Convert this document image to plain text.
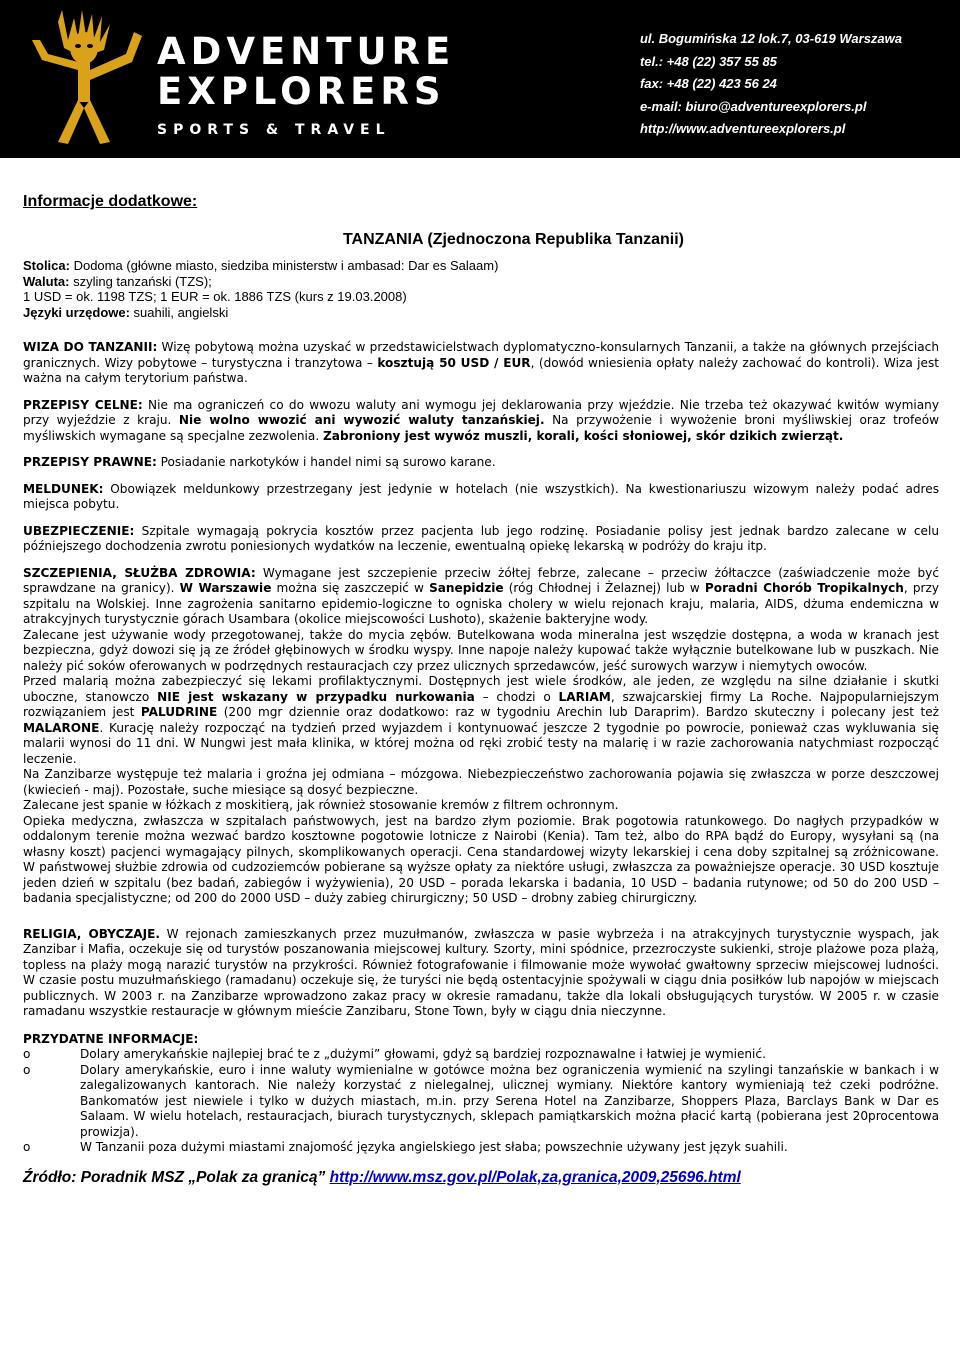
ADVENTURE
EXPLORERS
SPORTS & TRAVEL
ul. Bogumińska 12 lok.7, 03-619 Warszawa
tel.: +48 (22) 357 55 85
fax: +48 (22) 423 56 24
e-mail: biuro@adventureexplorers.pl
http://www.adventureexplorers.pl
Informacje dodatkowe:
TANZANIA (Zjednoczona Republika Tanzanii)
Stolica: Dodoma (główne miasto, siedziba ministerstw i ambasad: Dar es Salaam)
Waluta: szyling tanzański (TZS);
1 USD = ok. 1198 TZS; 1 EUR = ok. 1886 TZS (kurs z 19.03.2008)
Języki urzędowe: suahili, angielski

WIZA DO TANZANII: Wizę pobytową można uzyskać w przedstawicielstwach dyplomatyczno-konsularnych Tanzanii, a także na głównych przejściach granicznych. Wizy pobytowe – turystyczna i tranzytowa – kosztują 50 USD / EUR, (dowód wniesienia opłaty należy zachować do kontroli). Wiza jest ważna na całym terytorium państwa.

PRZEPISY CELNE: Nie ma ograniczeń co do wwozu waluty ani wymogu jej deklarowania przy wjeździe. Nie trzeba też okazywać kwitów wymiany przy wyjeździe z kraju. Nie wolno wwozić ani wywozić waluty tanzańskiej. Na przywożenie i wywożenie broni myśliwskiej oraz trofeów myśliwskich wymagane są specjalne zezwolenia. Zabroniony jest wywóz muszli, korali, kości słoniowej, skór dzikich zwierząt.

PRZEPISY PRAWNE: Posiadanie narkotyków i handel nimi są surowo karane.

MELDUNEK: Obowiązek meldunkowy przestrzegany jest jedynie w hotelach (nie wszystkich). Na kwestionariuszu wizowym należy podać adres miejsca pobytu.

UBEZPIECZENIE: Szpitale wymagają pokrycia kosztów przez pacjenta lub jego rodzinę. Posiadanie polisy jest jednak bardzo zalecane w celu późniejszego dochodzenia zwrotu poniesionych wydatków na leczenie, ewentualną opiekę lekarską w podróży do kraju itp.

SZCZEPIENIA, SŁUŻBA ZDROWIA: Wymagane jest szczepienie przeciw żółtej febrze, zalecane – przeciw żółtaczce (zaświadczenie może być sprawdzane na granicy). W Warszawie można się zaszczepić w Sanepidzie (róg Chłodnej i Żelaznej) lub w Poradni Chorób Tropikalnych, przy szpitalu na Wolskiej. Inne zagrożenia sanitarno epidemio-logiczne to ogniska cholery w wielu rejonach kraju, malaria, AIDS, dżuma endemiczna w atrakcyjnych turystycznie górach Usambara (okolice miejscowości Lushoto), skażenie bakteryjne wody.

Zalecane jest używanie wody przegotowanej, także do mycia zębów. Butelkowana woda mineralna jest wszędzie dostępna, a woda w kranach jest bezpieczna, gdyż dowozi się ją ze źródeł głębinowych w środku wyspy. Inne napoje należy kupować także wyłącznie butelkowane lub w puszkach. Nie należy pić soków oferowanych w podrzędnych restauracjach czy przez ulicznych sprzedawców, jeść surowych warzyw i niemytych owoców.

Przed malarią można zabezpieczyć się lekami profilaktycznymi. Dostępnych jest wiele środków, ale jeden, ze względu na silne działanie i skutki uboczne, stanowczo NIE jest wskazany w przypadku nurkowania – chodzi o LARIAM, szwajcarskiej firmy La Roche. Najpopularniejszym rozwiązaniem jest PALUDRINE (200 mgr dziennie oraz dodatkowo: raz w tygodniu Arechin lub Daraprim). Bardzo skuteczny i polecany jest też MALARONE. Kurację należy rozpocząć na tydzień przed wyjazdem i kontynuować jeszcze 2 tygodnie po powrocie, ponieważ czas wykluwania się malarii wynosi do 11 dni. W Nungwi jest mała klinika, w której można od ręki zrobić testy na malarię i w razie zachorowania natychmiast rozpocząć leczenie.

Na Zanzibarze występuje też malaria i groźna jej odmiana – mózgowa. Niebezpieczeństwo zachorowania pojawia się zwłaszcza w porze deszczowej (kwiecień - maj). Pozostałe, suche miesiące są dosyć bezpieczne.

Zalecane jest spanie w łóżkach z moskitierą, jak również stosowanie kremów z filtrem ochronnym.

Opieka medyczna, zwłaszcza w szpitalach państwowych, jest na bardzo złym poziomie. Brak pogotowia ratunkowego. Do nagłych przypadków w oddalonym terenie można wezwać bardzo kosztowne pogotowie lotnicze z Nairobi (Kenia). Tam też, albo do RPA bądź do Europy, wysyłani są (na własny koszt) pacjenci wymagający pilnych, skomplikowanych operacji. Cena standardowej wizyty lekarskiej i cena doby szpitalnej są zróżnicowane. W państwowej służbie zdrowia od cudzoziemców pobierane są wyższe opłaty za niektóre usługi, zwłaszcza za poważniejsze operacje. 30 USD kosztuje jeden dzień w szpitalu (bez badań, zabiegów i wyżywienia), 20 USD – porada lekarska i badania, 10 USD – badania rutynowe; od 50 do 200 USD – badania specjalistyczne; od 200 do 2000 USD – duży zabieg chirurgiczny; 50 USD – drobny zabieg chirurgiczny.

RELIGIA, OBYCZAJE. W rejonach zamieszkanych przez muzułmanów, zwłaszcza w pasie wybrzeża i na atrakcyjnych turystycznie wyspach, jak Zanzibar i Mafia, oczekuje się od turystów poszanowania miejscowej kultury. Szorty, mini spódnice, przezroczyste sukienki, stroje plażowe poza plażą, topless na plaży mogą narazić turystów na przykrości. Również fotografowanie i filmowanie może wywołać gwałtowny sprzeciw miejscowej ludności. W czasie postu muzułmańskiego (ramadanu) oczekuje się, że turyści nie będą ostentacyjnie spożywali w ciągu dnia posiłków lub napojów w miejscach publicznych. W 2003 r. na Zanzibarze wprowadzono zakaz pracy w okresie ramadanu, także dla lokali obsługujących turystów. W 2005 r. w czasie ramadanu wszystkie restauracje w głównym mieście Zanzibaru, Stone Town, były w ciągu dnia nieczynne.

PRZYDATNE INFORMACJE:
o Dolary amerykańskie najlepiej brać te z „dużymi” głowami, gdyż są bardziej rozpoznawalne i łatwiej je wymienić.
o Dolary amerykańskie, euro i inne waluty wymienialne w gotówce można bez ograniczenia wymienić na szylingi tanzańskie w bankach i w zalegalizowanych kantorach. Nie należy korzystać z nielegalnej, ulicznej wymiany. Niektóre kantory wymieniają też czeki podróżne. Bankomatów jest niewiele i tylko w dużych miastach, m.in. przy Serena Hotel na Zanzibarze, Shoppers Plaza, Barclays Bank w Dar es Salaam. W wielu hotelach, restauracjach, biurach turystycznych, sklepach pamiątkarskich można płacić kartą (pobierana jest 20procentowa prowizja).
o W Tanzanii poza dużymi miastami znajomość języka angielskiego jest słaba; powszechnie używany jest język suahili.
Źródło: Poradnik MSZ „Polak za granicą” http://www.msz.gov.pl/Polak,za,granica,2009,25696.html
